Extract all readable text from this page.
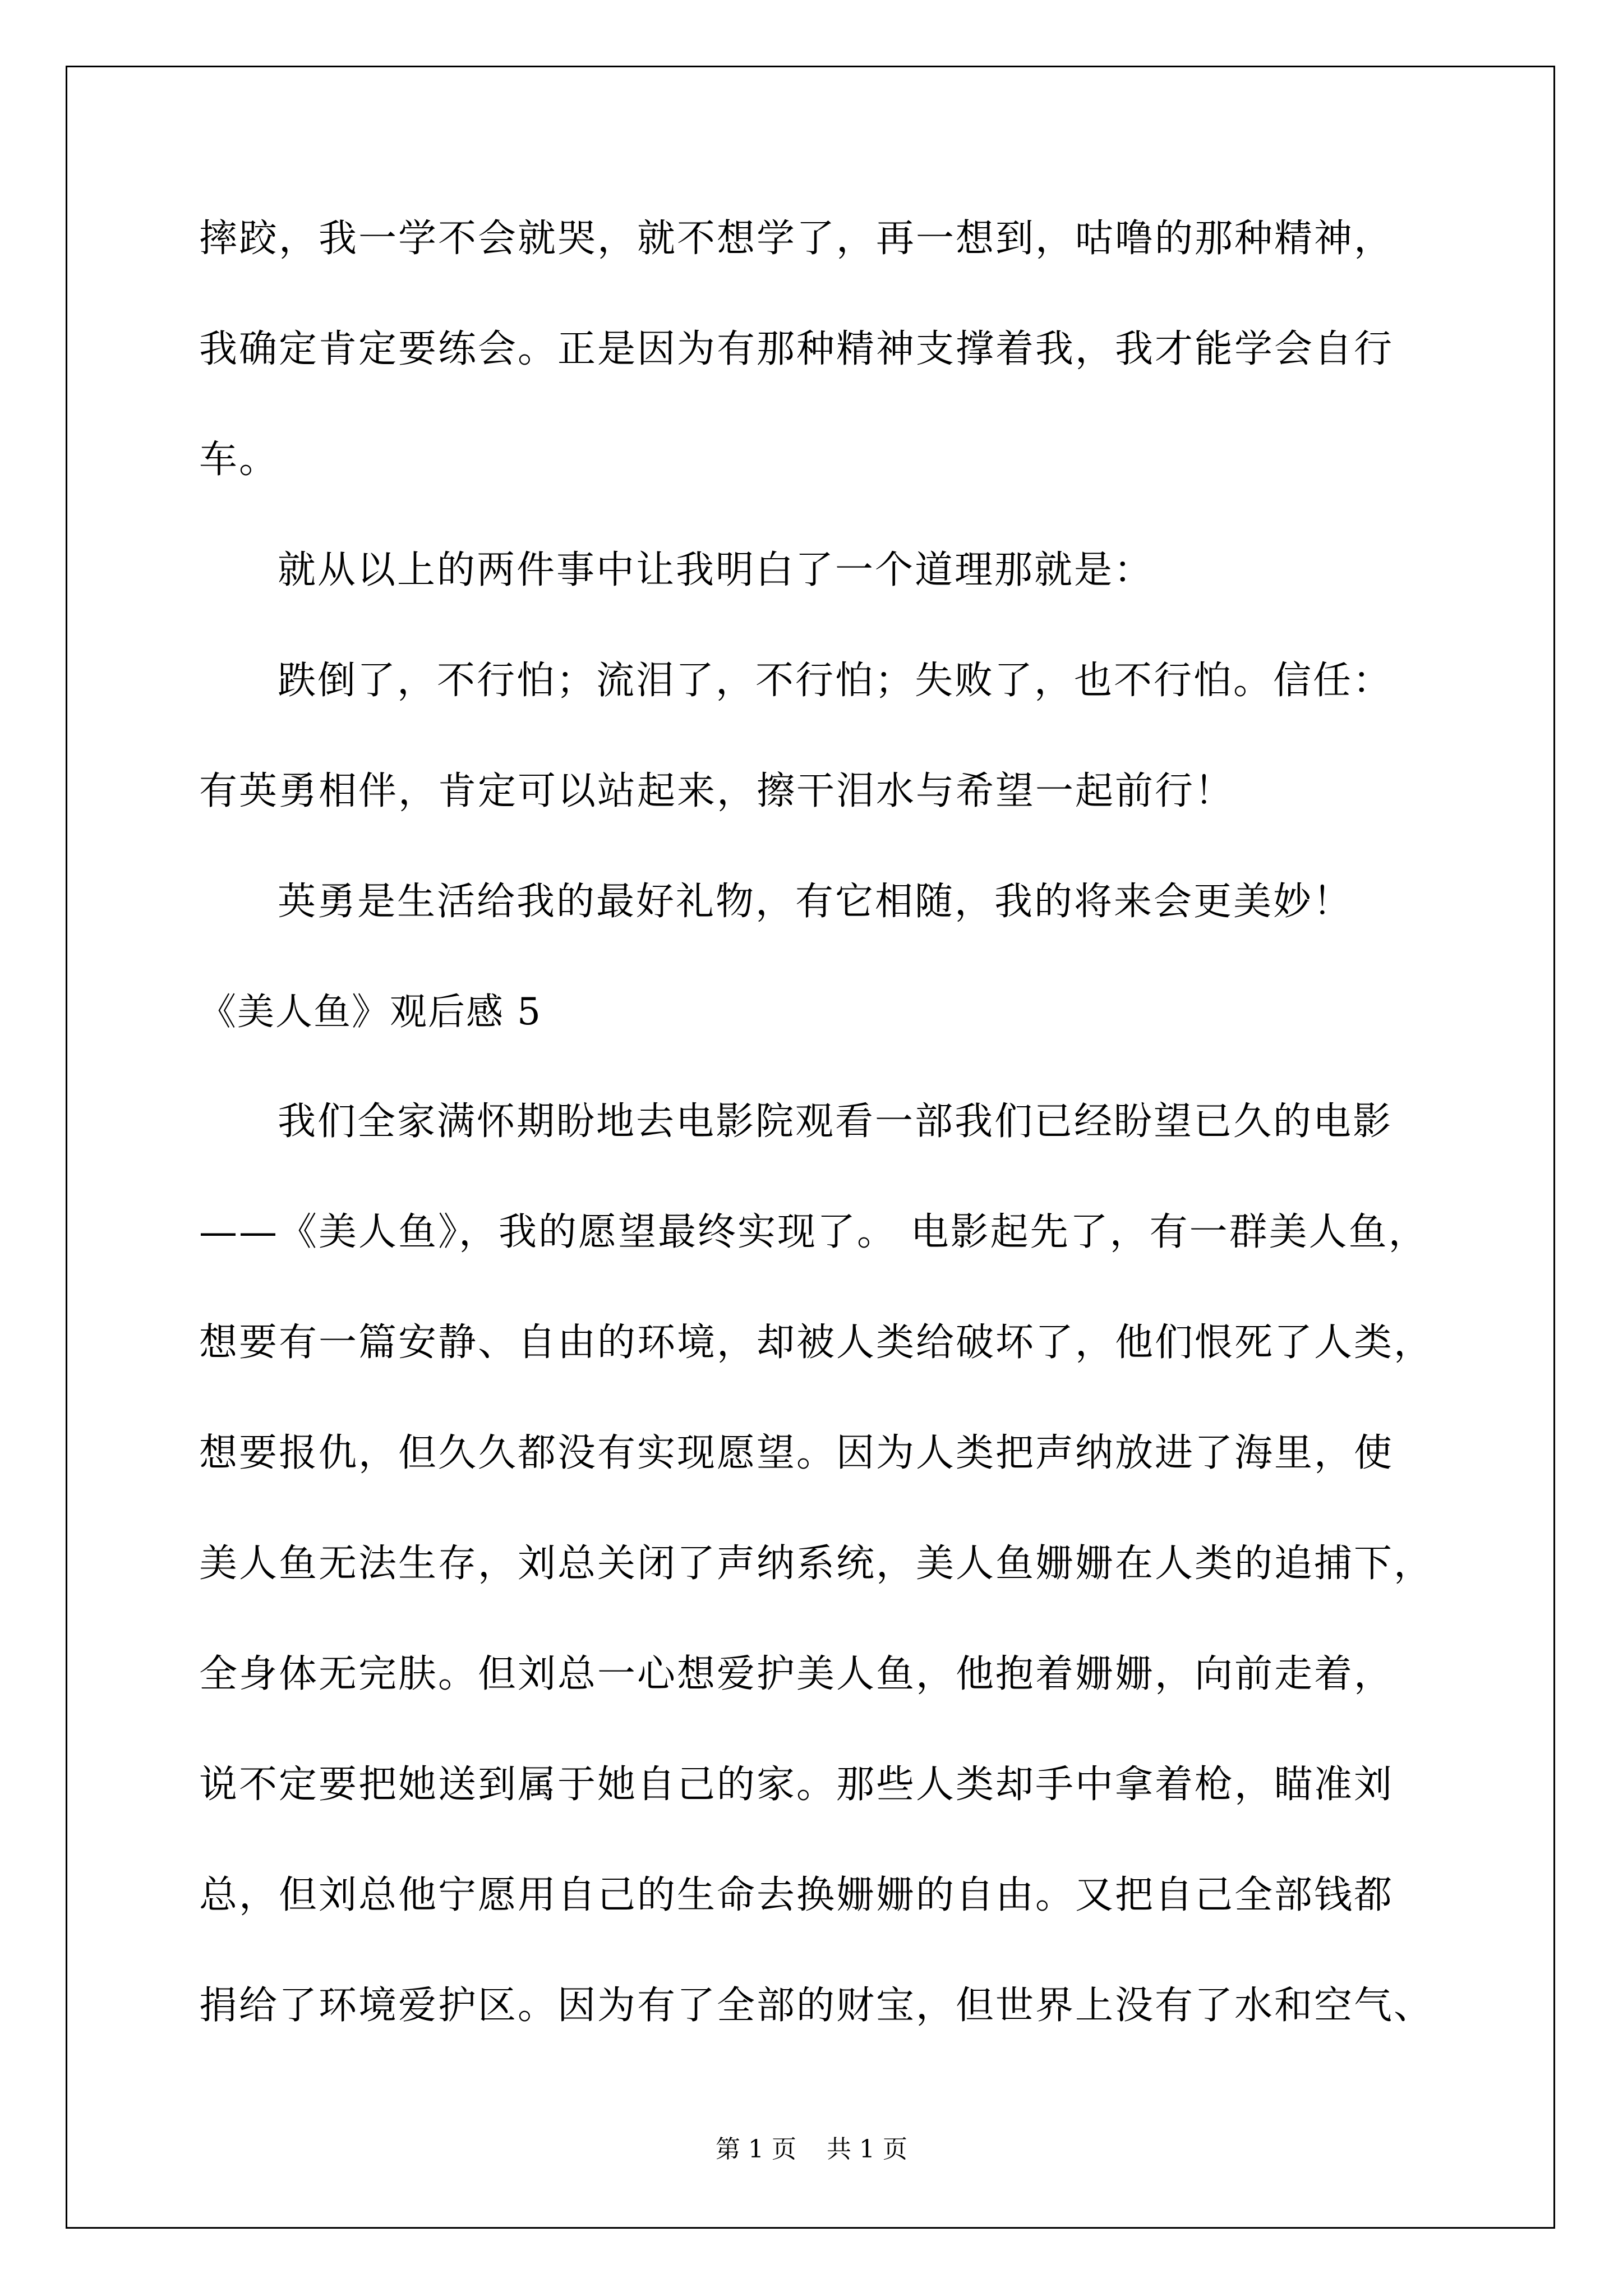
摔跤，我一学不会就哭，就不想学了，再一想到，咕噜的那种精神，
我确定肯定要练会。正是因为有那种精神支撑着我，我才能学会自行
车。
就从以上的两件事中让我明白了一个道理那就是：
跌倒了，不行怕；流泪了，不行怕；失败了，也不行怕。信任：
有英勇相伴，肯定可以站起来，擦干泪水与希望一起前行！
英勇是生活给我的最好礼物，有它相随，我的将来会更美妙！
《美人鱼》观后感 5
我们全家满怀期盼地去电影院观看一部我们已经盼望已久的电影
——《美人鱼》，我的愿望最终实现了。 电影起先了，有一群美人鱼，
想要有一篇安静、自由的环境，却被人类给破坏了，他们恨死了人类，
想要报仇，但久久都没有实现愿望。因为人类把声纳放进了海里，使
美人鱼无法生存，刘总关闭了声纳系统，美人鱼姗姗在人类的追捕下，
全身体无完肤。但刘总一心想爱护美人鱼，他抱着姗姗，向前走着，
说不定要把她送到属于她自己的家。那些人类却手中拿着枪，瞄准刘
总，但刘总他宁愿用自己的生命去换姗姗的自由。又把自己全部钱都
捐给了环境爱护区。因为有了全部的财宝，但世界上没有了水和空气、
第 1 页 共 1 页
